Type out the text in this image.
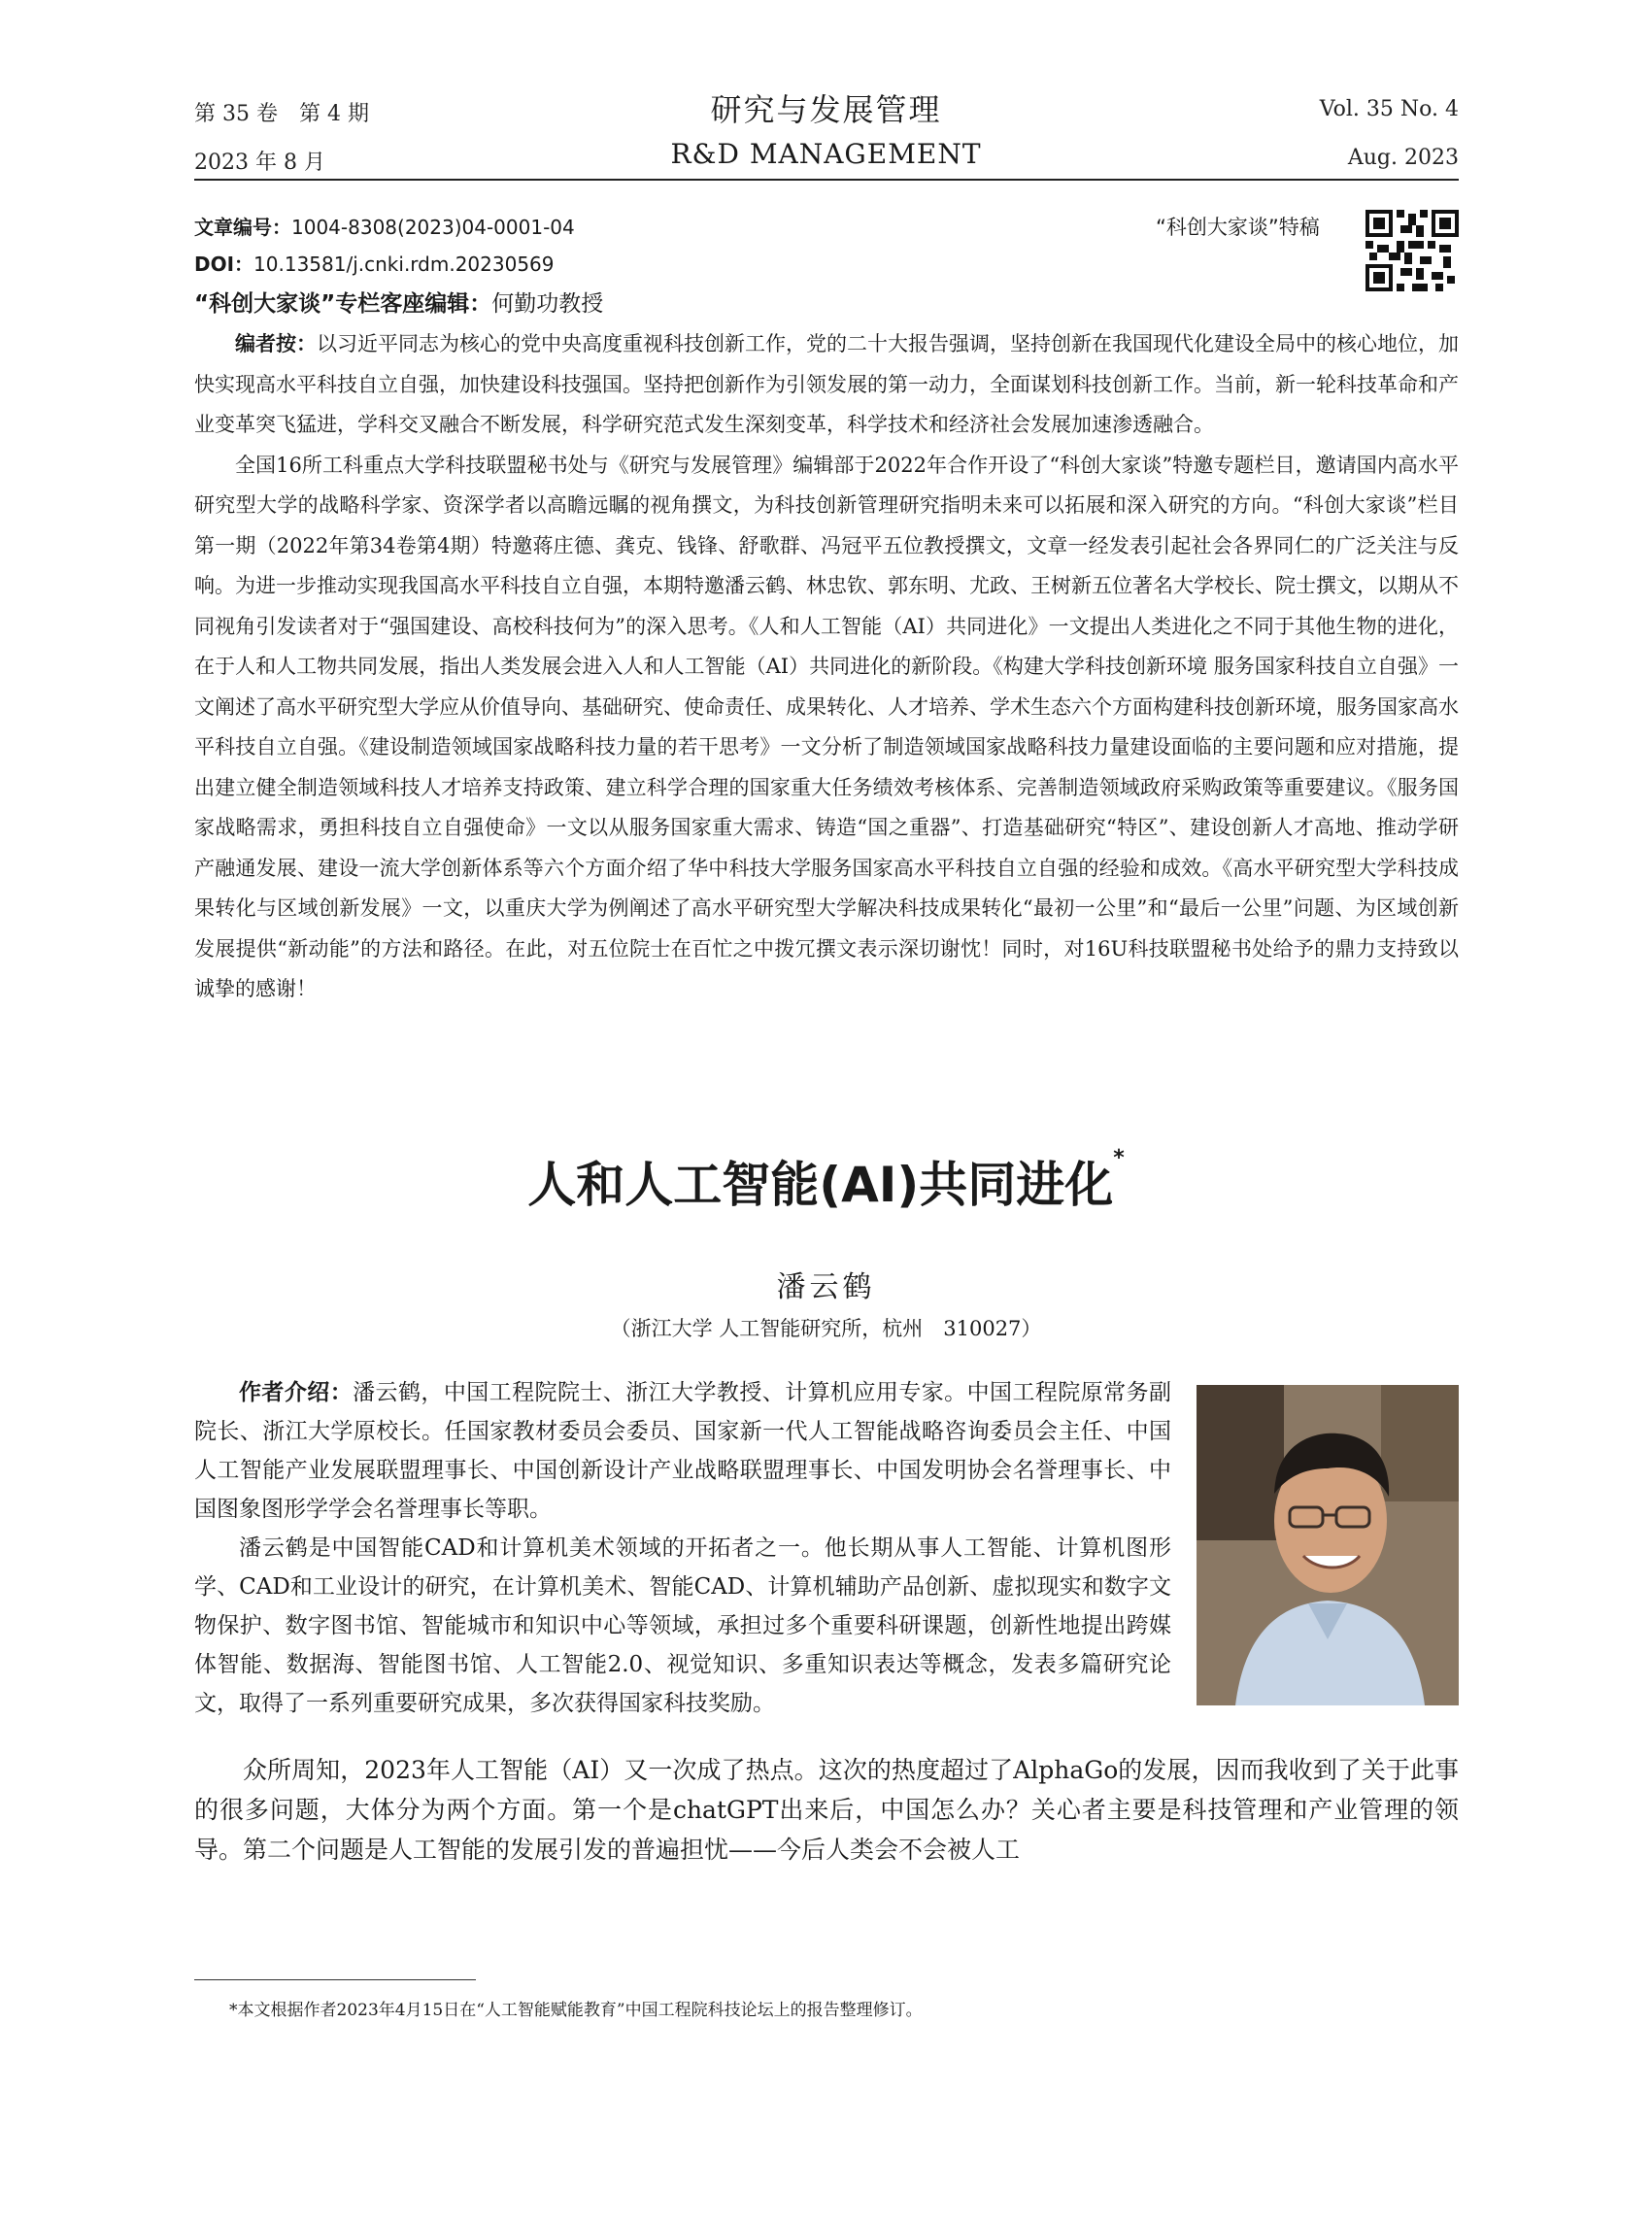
第 35 卷　第 4 期
2023 年 8 月
研究与发展管理
R&D MANAGEMENT
Vol. 35 No. 4
Aug. 2023
文章编号：1004-8308(2023)04-0001-04
DOI：10.13581/j.cnki.rdm.20230569
“科创大家谈”专栏客座编辑：何勤功教授
“科创大家谈”特稿

编者按：以习近平同志为核心的党中央高度重视科技创新工作，党的二十大报告强调，坚持创新在我国现代化建设全局中的核心地位，加快实现高水平科技自立自强，加快建设科技强国。坚持把创新作为引领发展的第一动力，全面谋划科技创新工作。当前，新一轮科技革命和产业变革突飞猛进，学科交叉融合不断发展，科学研究范式发生深刻变革，科学技术和经济社会发展加速渗透融合。

全国16所工科重点大学科技联盟秘书处与《研究与发展管理》编辑部于2022年合作开设了“科创大家谈”特邀专题栏目，邀请国内高水平研究型大学的战略科学家、资深学者以高瞻远瞩的视角撰文，为科技创新管理研究指明未来可以拓展和深入研究的方向。“科创大家谈”栏目第一期（2022年第34卷第4期）特邀蒋庄德、龚克、钱锋、舒歌群、冯冠平五位教授撰文，文章一经发表引起社会各界同仁的广泛关注与反响。为进一步推动实现我国高水平科技自立自强，本期特邀潘云鹤、林忠钦、郭东明、尤政、王树新五位著名大学校长、院士撰文，以期从不同视角引发读者对于“强国建设、高校科技何为”的深入思考。《人和人工智能（AI）共同进化》一文提出人类进化之不同于其他生物的进化，在于人和人工物共同发展，指出人类发展会进入人和人工智能（AI）共同进化的新阶段。《构建大学科技创新环境 服务国家科技自立自强》一文阐述了高水平研究型大学应从价值导向、基础研究、使命责任、成果转化、人才培养、学术生态六个方面构建科技创新环境，服务国家高水平科技自立自强。《建设制造领域国家战略科技力量的若干思考》一文分析了制造领域国家战略科技力量建设面临的主要问题和应对措施，提出建立健全制造领域科技人才培养支持政策、建立科学合理的国家重大任务绩效考核体系、完善制造领域政府采购政策等重要建议。《服务国家战略需求，勇担科技自立自强使命》一文以从服务国家重大需求、铸造“国之重器”、打造基础研究“特区”、建设创新人才高地、推动学研产融通发展、建设一流大学创新体系等六个方面介绍了华中科技大学服务国家高水平科技自立自强的经验和成效。《高水平研究型大学科技成果转化与区域创新发展》一文，以重庆大学为例阐述了高水平研究型大学解决科技成果转化“最初一公里”和“最后一公里”问题、为区域创新发展提供“新动能”的方法和路径。在此，对五位院士在百忙之中拨冗撰文表示深切谢忱！同时，对16U科技联盟秘书处给予的鼎力支持致以诚挚的感谢！

人和人工智能(AI)共同进化*
潘云鹤
（浙江大学 人工智能研究所，杭州　310027）

作者介绍：潘云鹤，中国工程院院士、浙江大学教授、计算机应用专家。中国工程院原常务副院长、浙江大学原校长。任国家教材委员会委员、国家新一代人工智能战略咨询委员会主任、中国人工智能产业发展联盟理事长、中国创新设计产业战略联盟理事长、中国发明协会名誉理事长、中国图象图形学学会名誉理事长等职。

潘云鹤是中国智能CAD和计算机美术领域的开拓者之一。他长期从事人工智能、计算机图形学、CAD和工业设计的研究，在计算机美术、智能CAD、计算机辅助产品创新、虚拟现实和数字文物保护、数字图书馆、智能城市和知识中心等领域，承担过多个重要科研课题，创新性地提出跨媒体智能、数据海、智能图书馆、人工智能2.0、视觉知识、多重知识表达等概念，发表多篇研究论文，取得了一系列重要研究成果，多次获得国家科技奖励。

众所周知，2023年人工智能（AI）又一次成了热点。这次的热度超过了AlphaGo的发展，因而我收到了关于此事的很多问题，大体分为两个方面。第一个是chatGPT出来后，中国怎么办？关心者主要是科技管理和产业管理的领导。第二个问题是人工智能的发展引发的普遍担忧——今后人类会不会被人工

*本文根据作者2023年4月15日在“人工智能赋能教育”中国工程院科技论坛上的报告整理修订。
